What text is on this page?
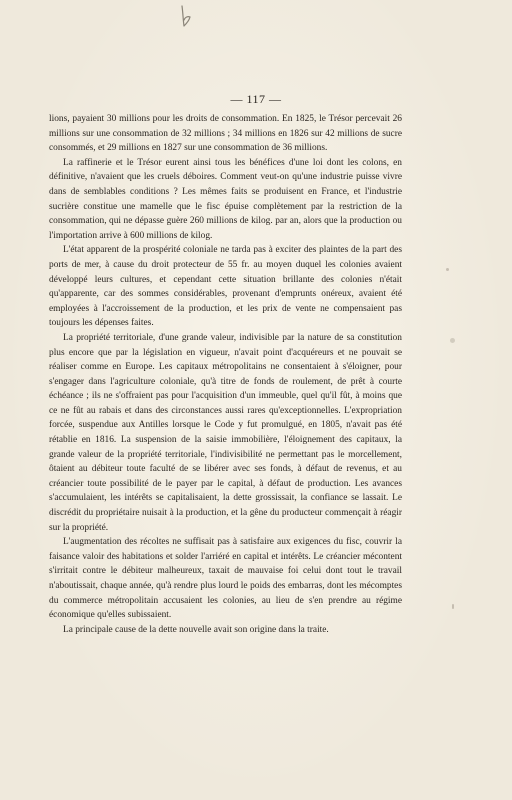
— 117 —

lions, payaient 30 millions pour les droits de consommation. En 1825, le Trésor percevait 26 millions sur une consommation de 32 millions ; 34 millions en 1826 sur 42 millions de sucre consommés, et 29 millions en 1827 sur une consommation de 36 millions.

La raffinerie et le Trésor eurent ainsi tous les bénéfices d'une loi dont les colons, en définitive, n'avaient que les cruels déboires. Comment veut-on qu'une industrie puisse vivre dans de semblables conditions ? Les mêmes faits se produisent en France, et l'industrie sucrière constitue une mamelle que le fisc épuise complètement par la restriction de la consommation, qui ne dépasse guère 260 millions de kilog. par an, alors que la production ou l'importation arrive à 600 millions de kilog.

L'état apparent de la prospérité coloniale ne tarda pas à exciter des plaintes de la part des ports de mer, à cause du droit protecteur de 55 fr. au moyen duquel les colonies avaient développé leurs cultures, et cependant cette situation brillante des colonies n'était qu'apparente, car des sommes considérables, provenant d'emprunts onéreux, avaient été employées à l'accroissement de la production, et les prix de vente ne compensaient pas toujours les dépenses faites.

La propriété territoriale, d'une grande valeur, indivisible par la nature de sa constitution plus encore que par la législation en vigueur, n'avait point d'acquéreurs et ne pouvait se réaliser comme en Europe. Les capitaux métropolitains ne consentaient à s'éloigner, pour s'engager dans l'agriculture coloniale, qu'à titre de fonds de roulement, de prêt à courte échéance ; ils ne s'offraient pas pour l'acquisition d'un immeuble, quel qu'il fût, à moins que ce ne fût au rabais et dans des circonstances aussi rares qu'exceptionnelles. L'expropriation forcée, suspendue aux Antilles lorsque le Code y fut promulgué, en 1805, n'avait pas été rétablie en 1816. La suspension de la saisie immobilière, l'éloignement des capitaux, la grande valeur de la propriété territoriale, l'indivisibilité ne permettant pas le morcellement, ôtaient au débiteur toute faculté de se libérer avec ses fonds, à défaut de revenus, et au créancier toute possibilité de le payer par le capital, à défaut de production. Les avances s'accumulaient, les intérêts se capitalisaient, la dette grossissait, la confiance se lassait. Le discrédit du propriétaire nuisait à la production, et la gêne du producteur commençait à réagir sur la propriété.

L'augmentation des récoltes ne suffisait pas à satisfaire aux exigences du fisc, couvrir la faisance valoir des habitations et solder l'arriéré en capital et intérêts. Le créancier mécontent s'irritait contre le débiteur malheureux, taxait de mauvaise foi celui dont tout le travail n'aboutissait, chaque année, qu'à rendre plus lourd le poids des embarras, dont les mécomptes du commerce métropolitain accusaient les colonies, au lieu de s'en prendre au régime économique qu'elles subissaient.

La principale cause de la dette nouvelle avait son origine dans la traite.
